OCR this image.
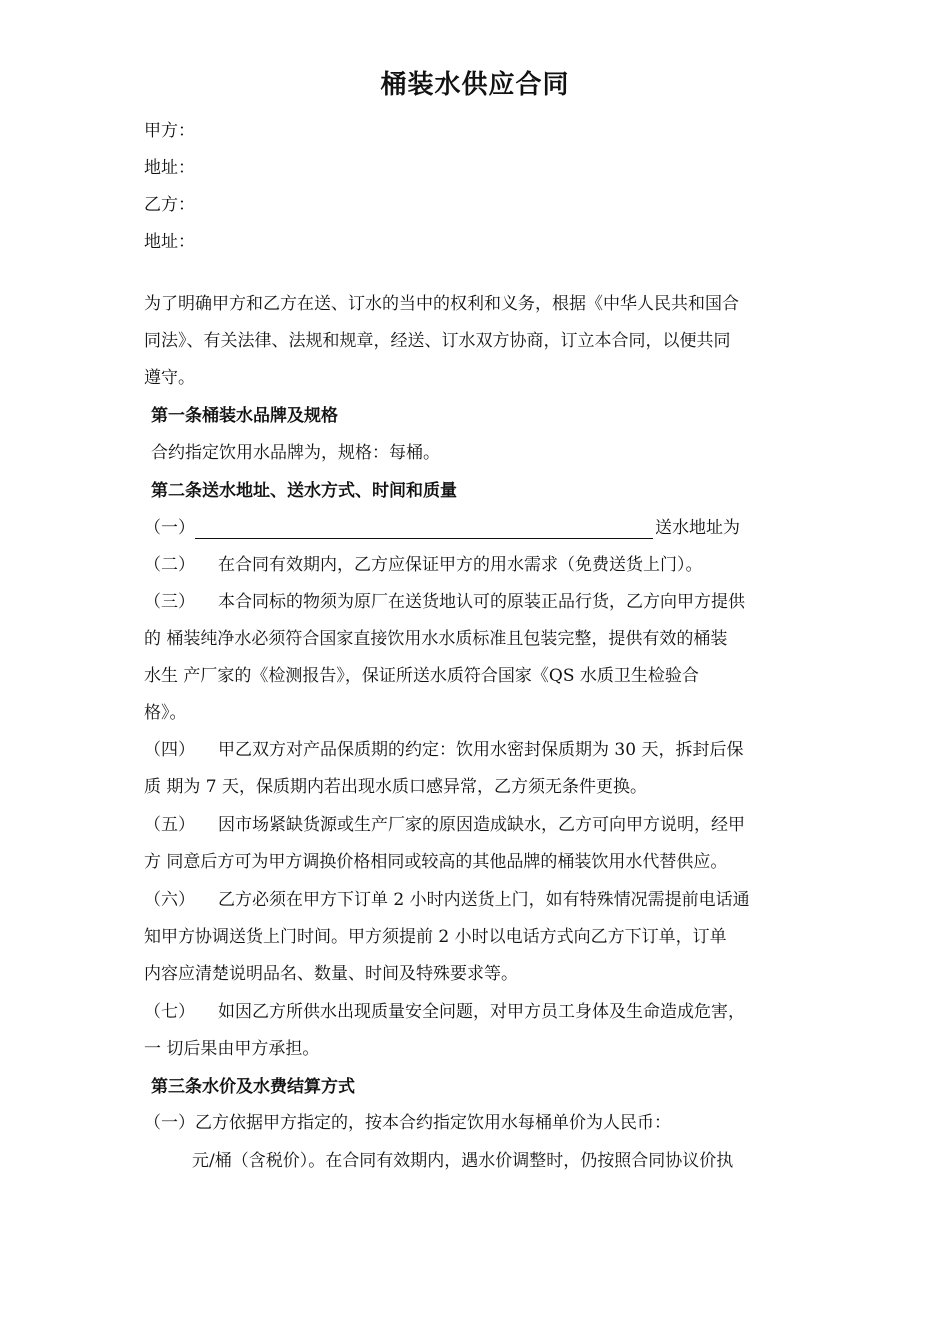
桶装水供应合同
甲方：
地址：
乙方：
地址：
为了明确甲方和乙方在送、订水的当中的权利和义务，根据《中华人民共和国合
同法》、有关法律、法规和规章，经送、订水双方协商，订立本合同，以便共同
遵守。
第一条桶装水品牌及规格
合约指定饮用水品牌为，规格：每桶。
第二条送水地址、送水方式、时间和质量
（一）	送水地址为
（二） 在合同有效期内，乙方应保证甲方的用水需求（免费送货上门）。
（三） 本合同标的物须为原厂在送货地认可的原装正品行货，乙方向甲方提供
的 桶装纯净水必须符合国家直接饮用水水质标准且包装完整，提供有效的桶装
水生 产厂家的《检测报告》，保证所送水质符合国家《QS 水质卫生检验合
格》。
（四） 甲乙双方对产品保质期的约定：饮用水密封保质期为 30 天，拆封后保
质 期为 7 天，保质期内若出现水质口感异常，乙方须无条件更换。
（五） 因市场紧缺货源或生产厂家的原因造成缺水，乙方可向甲方说明，经甲
方 同意后方可为甲方调换价格相同或较高的其他品牌的桶装饮用水代替供应。
（六） 乙方必须在甲方下订单 2 小时内送货上门，如有特殊情况需提前电话通
知甲方协调送货上门时间。甲方须提前 2 小时以电话方式向乙方下订单，订单
内容应清楚说明品名、数量、时间及特殊要求等。
（七） 如因乙方所供水出现质量安全问题，对甲方员工身体及生命造成危害，
一 切后果由甲方承担。
第三条水价及水费结算方式
（一）乙方依据甲方指定的，按本合约指定饮用水每桶单价为人民币：
元/桶（含税价）。在合同有效期内，遇水价调整时，仍按照合同协议价执
